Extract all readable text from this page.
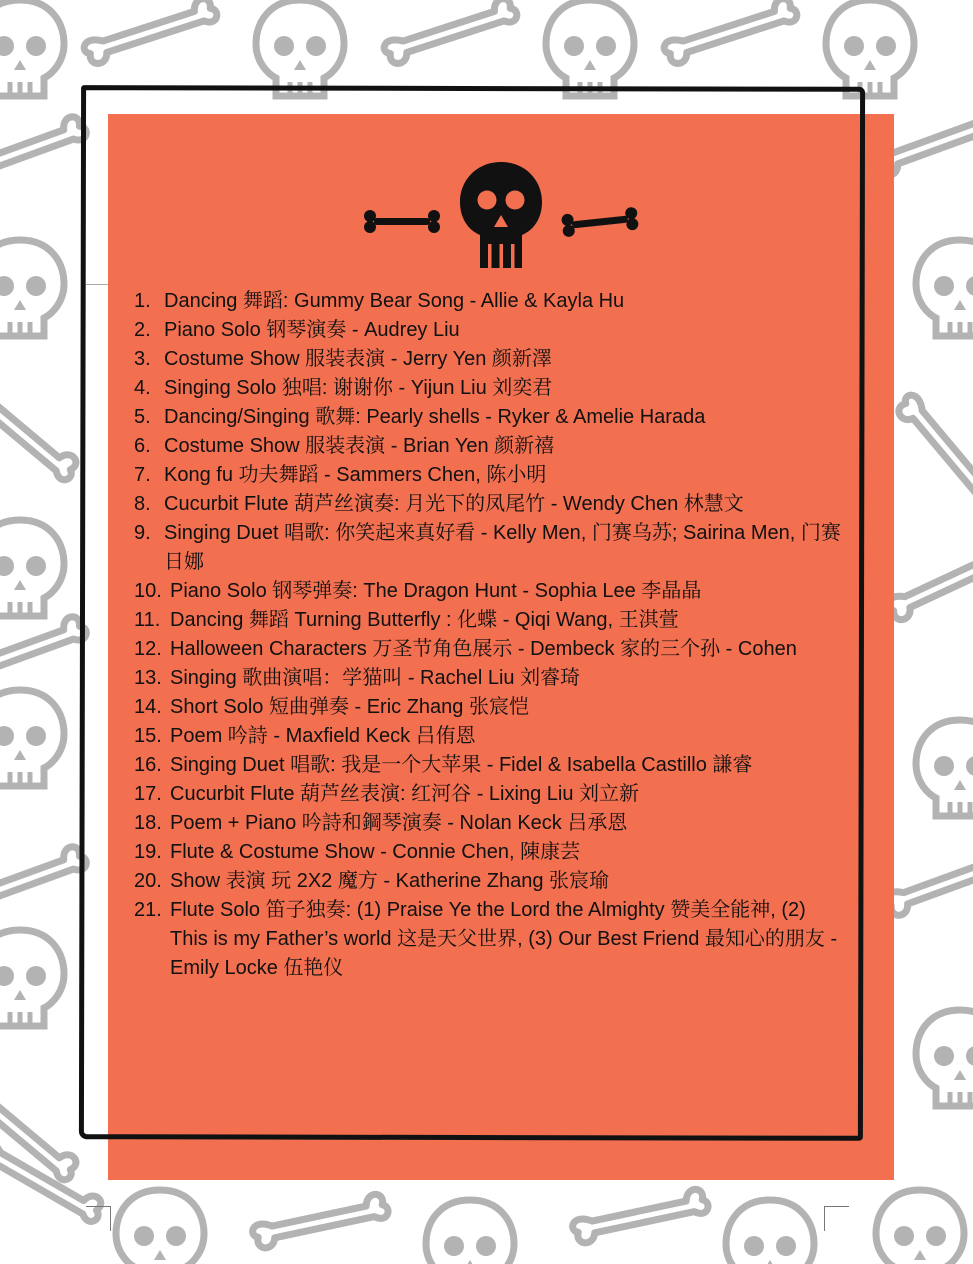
1. Dancing 舞蹈: Gummy Bear Song - Allie & Kayla Hu
2. Piano Solo 钢琴演奏 - Audrey Liu
3. Costume Show 服装表演 - Jerry Yen 颜新澤
4. Singing Solo 独唱: 谢谢你 - Yijun Liu 刘奕君
5. Dancing/Singing 歌舞: Pearly shells - Ryker & Amelie Harada
6. Costume Show 服装表演 - Brian Yen 颜新禧
7. Kong fu 功夫舞蹈 - Sammers Chen, 陈小明
8. Cucurbit Flute 葫芦丝演奏: 月光下的凤尾竹 - Wendy Chen 林慧文
9. Singing Duet 唱歌: 你笑起来真好看 - Kelly Men, 门赛乌苏; Sairina Men, 门赛日娜
10. Piano Solo 钢琴弹奏: The Dragon Hunt - Sophia Lee 李晶晶
11. Dancing 舞蹈 Turning Butterfly : 化蝶 - Qiqi Wang, 王淇萱
12. Halloween Characters 万圣节角色展示 - Dembeck 家的三个孙 - Cohen
13. Singing 歌曲演唱：学猫叫 - Rachel Liu 刘睿琦
14. Short Solo 短曲弹奏 - Eric Zhang 张宸恺
15. Poem 吟詩 - Maxfield Keck 吕侑恩
16. Singing Duet 唱歌: 我是一个大苹果 - Fidel & Isabella Castillo 謙睿
17. Cucurbit Flute 葫芦丝表演: 红河谷 - Lixing Liu 刘立新
18. Poem + Piano 吟詩和鋼琴演奏 - Nolan Keck 吕承恩
19. Flute & Costume Show - Connie Chen, 陳康芸
20. Show 表演 玩 2X2 魔方 - Katherine Zhang 张宸瑜
21. Flute Solo 笛子独奏: (1) Praise Ye the Lord the Almighty 赞美全能神, (2) This is my Father’s world 这是天父世界, (3) Our Best Friend 最知心的朋友 - Emily Locke 伍艳仪
